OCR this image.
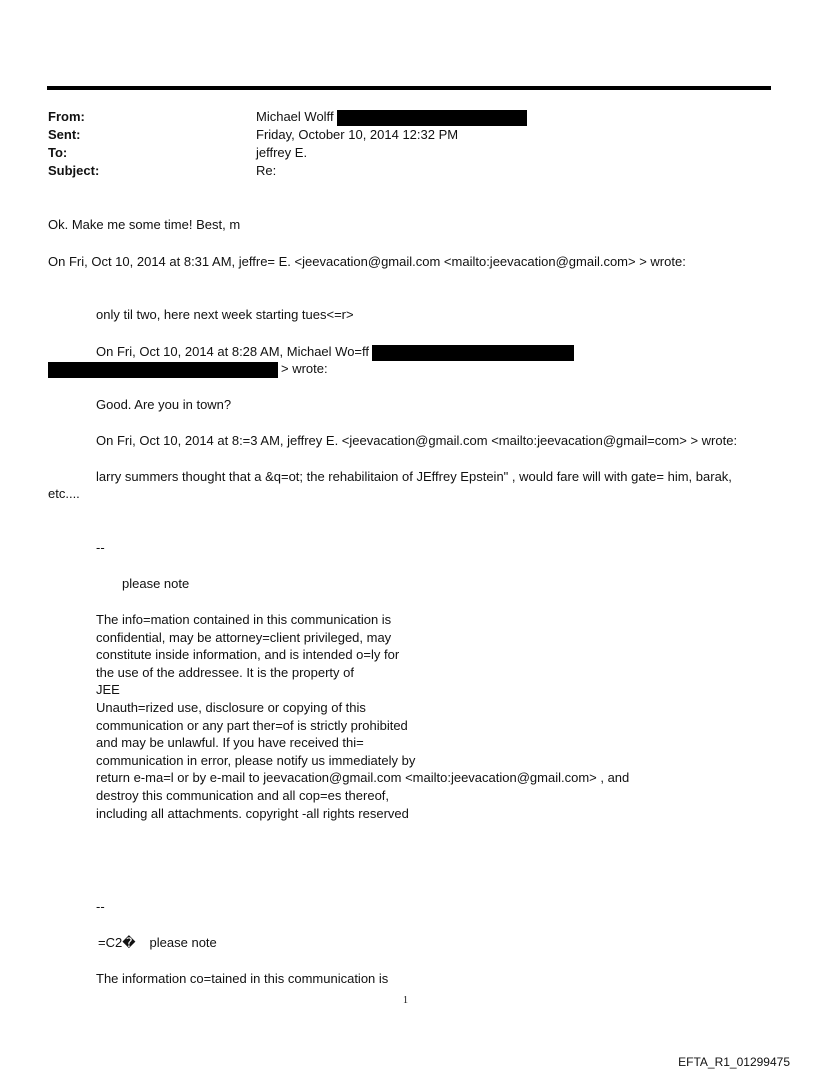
From:	Michael Wolff
Sent:	Friday, October 10, 2014 12:32 PM
To:	jeffrey E.
Subject:	Re:
Ok. Make me some time! Best, m
On Fri, Oct 10, 2014 at 8:31 AM, jeffre= E. <jeevacation@gmail.com <mailto:jeevacation@gmail.com> > wrote:
only til two, here next week starting tues<=r>
On Fri, Oct 10, 2014 at 8:28 AM, Michael Wo=ff
> wrote:
Good. Are you in town?
On Fri, Oct 10, 2014 at 8:=3 AM, jeffrey E. <jeevacation@gmail.com <mailto:jeevacation@gmail=com> > wrote:
larry summers thought that a &q=ot; the rehabilitaion of JEffrey Epstein" , would fare will with gate= him, barak,
etc....
--
please note
The info=mation contained in this communication is
confidential, may be attorney=client privileged, may
constitute inside information, and is intended o=ly for
the use of the addressee. It is the property of
JEE
Unauth=rized use, disclosure or copying of this
communication or any part ther=of is strictly prohibited
and may be unlawful. If you have received thi=
communication in error, please notify us immediately by
return e-ma=l or by e-mail to jeevacation@gmail.com <mailto:jeevacation@gmail.com> , and
destroy this communication and all cop=es thereof,
including all attachments. copyright -all rights reserved
--
=C2� please note
The information co=tained in this communication is
1
EFTA_R1_01299475
